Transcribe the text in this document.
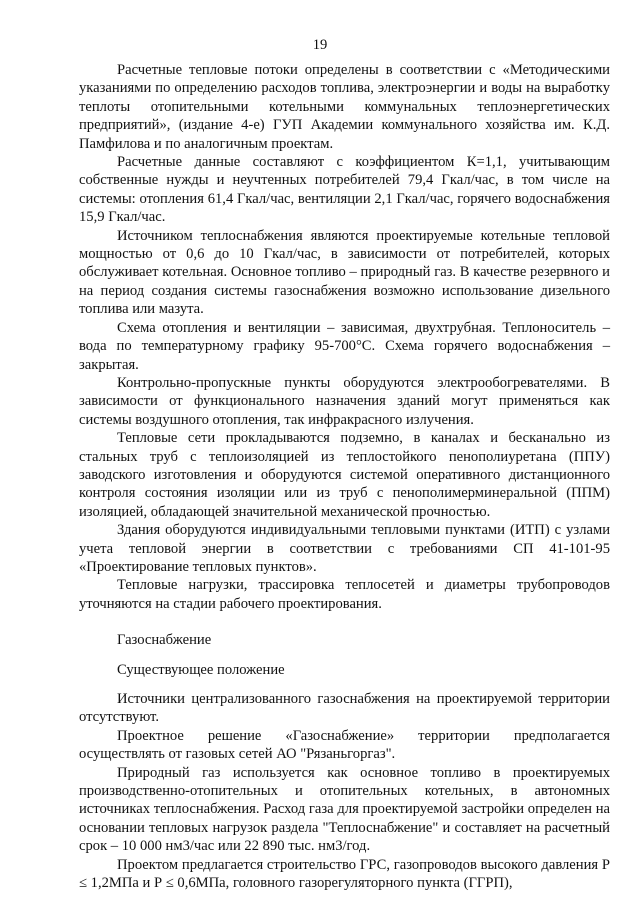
19

Расчетные тепловые потоки определены в соответствии с «Методическими указаниями по определению расходов топлива, электроэнергии и воды на выработку теплоты отопительными котельными коммунальных теплоэнергетических предприятий», (издание 4-е) ГУП Академии коммунального хозяйства им. К.Д. Памфилова и по аналогичным проектам.

Расчетные данные составляют с коэффициентом К=1,1, учитывающим собственные нужды и неучтенных потребителей 79,4 Гкал/час, в том числе на системы: отопления 61,4 Гкал/час, вентиляции 2,1 Гкал/час, горячего водоснабжения 15,9 Гкал/час.

Источником теплоснабжения являются проектируемые котельные тепловой мощностью от 0,6 до 10 Гкал/час, в зависимости от потребителей, которых обслуживает котельная. Основное топливо – природный газ. В качестве резервного и на период создания системы газоснабжения возможно использование дизельного топлива или мазута.

Схема отопления и вентиляции – зависимая, двухтрубная. Теплоноситель – вода по температурному графику 95-700°С. Схема горячего водоснабжения – закрытая.

Контрольно-пропускные пункты оборудуются электрообогревателями. В зависимости от функционального назначения зданий могут применяться как системы воздушного отопления, так инфракрасного излучения.

Тепловые сети прокладываются подземно, в каналах и бесканально из стальных труб с теплоизоляцией из теплостойкого пенополиуретана (ППУ) заводского изготовления и оборудуются системой оперативного дистанционного контроля состояния изоляции или из труб с пенополимерминеральной (ППМ) изоляцией, обладающей значительной механической прочностью.

Здания оборудуются индивидуальными тепловыми пунктами (ИТП) с узлами учета тепловой энергии в соответствии с требованиями СП 41-101-95 «Проектирование тепловых пунктов».

Тепловые нагрузки, трассировка теплосетей и диаметры трубопроводов уточняются на стадии рабочего проектирования.

Газоснабжение

Существующее положение

Источники централизованного газоснабжения на проектируемой территории отсутствуют.

Проектное решение «Газоснабжение» территории предполагается осуществлять от газовых сетей АО "Рязаньгоргаз".

Природный газ используется как основное топливо в проектируемых производственно-отопительных и отопительных котельных, в автономных источниках теплоснабжения. Расход газа для проектируемой застройки определен на основании тепловых нагрузок раздела "Теплоснабжение" и составляет на расчетный срок – 10 000 нм3/час или 22 890 тыс. нм3/год.

Проектом предлагается строительство ГРС, газопроводов высокого давления Р ≤ 1,2МПа и Р ≤ 0,6МПа, головного газорегуляторного пункта (ГГРП),
